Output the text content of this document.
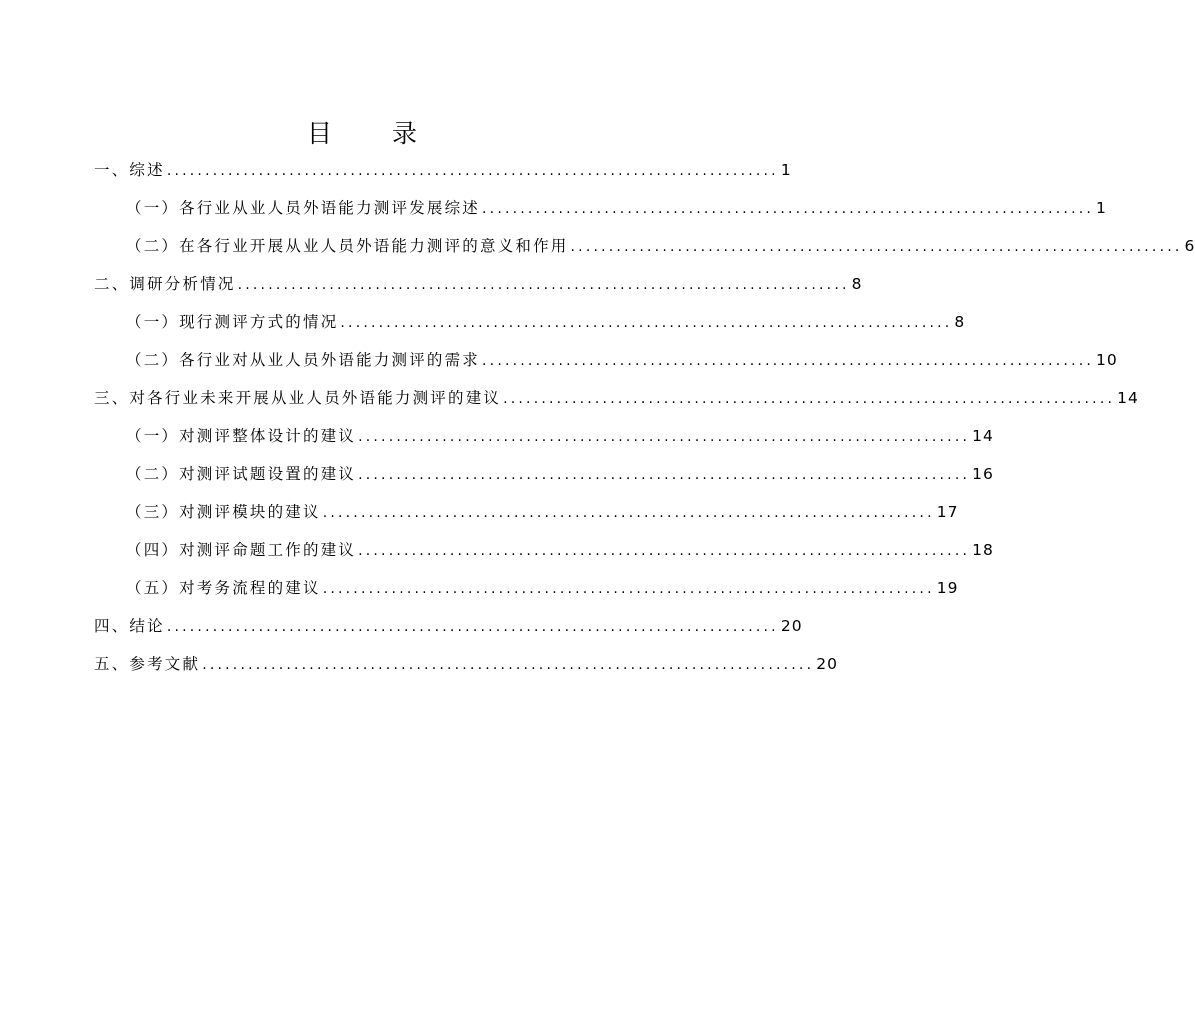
目 录
一、综述 ................................................................................ 1
（一）各行业从业人员外语能力测评发展综述 ................................................................................ 1
（二）在各行业开展从业人员外语能力测评的意义和作用 ................................................................................ 6
二、调研分析情况 ................................................................................ 8
（一）现行测评方式的情况 ................................................................................ 8
（二）各行业对从业人员外语能力测评的需求 ................................................................................ 10
三、对各行业未来开展从业人员外语能力测评的建议 ................................................................................ 14
（一）对测评整体设计的建议 ................................................................................ 14
（二）对测评试题设置的建议 ................................................................................ 16
（三）对测评模块的建议 ................................................................................ 17
（四）对测评命题工作的建议 ................................................................................ 18
（五）对考务流程的建议 ................................................................................ 19
四、结论 ................................................................................ 20
五、参考文献 ................................................................................ 20
